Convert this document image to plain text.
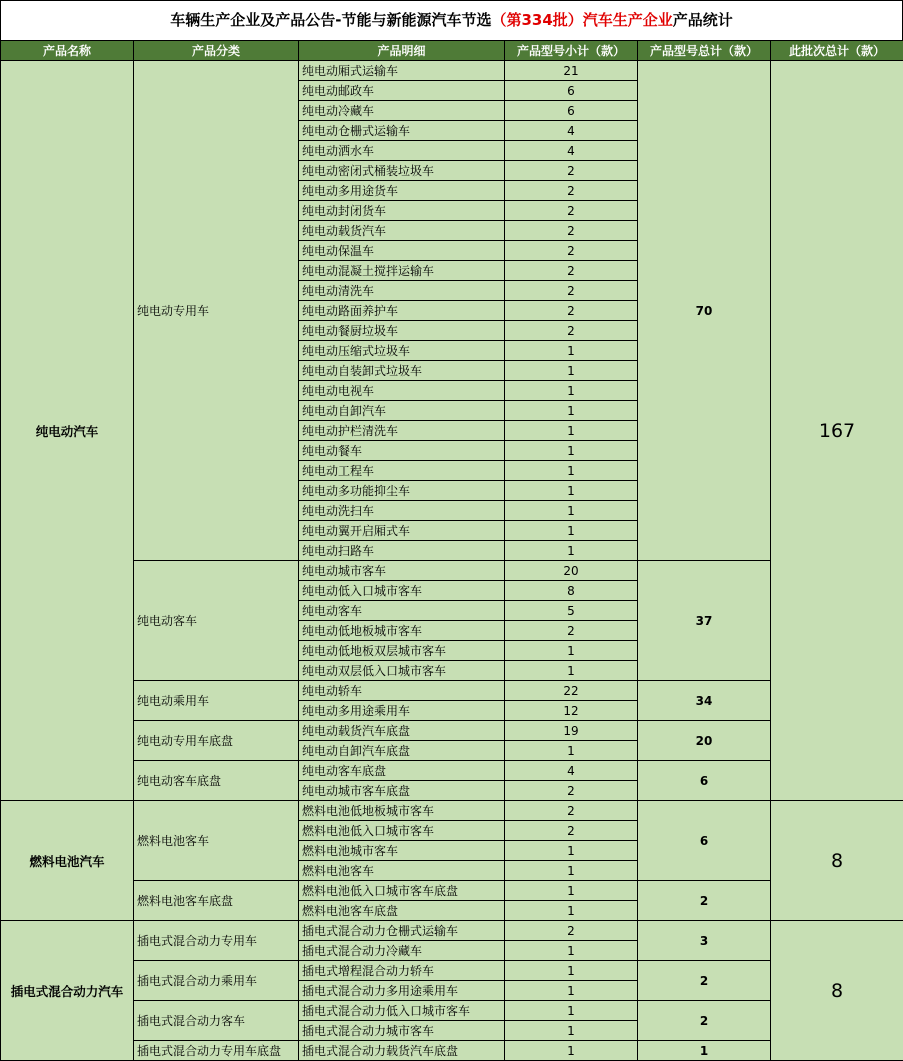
车辆生产企业及产品公告-节能与新能源汽车节选（第334批）汽车生产企业产品统计
产品名称	产品分类	产品明细	产品型号小计（款）	产品型号总计（款）	此批次总计（款）
纯电动汽车	纯电动专用车	纯电动厢式运输车	21	70	167
		纯电动邮政车	6		
		纯电动冷藏车	6		
		纯电动仓栅式运输车	4		
		纯电动洒水车	4		
		纯电动密闭式桶装垃圾车	2		
		纯电动多用途货车	2		
		纯电动封闭货车	2		
		纯电动载货汽车	2		
		纯电动保温车	2		
		纯电动混凝土搅拌运输车	2		
		纯电动清洗车	2		
		纯电动路面养护车	2		
		纯电动餐厨垃圾车	2		
		纯电动压缩式垃圾车	1		
		纯电动自装卸式垃圾车	1		
		纯电动电视车	1		
		纯电动自卸汽车	1		
		纯电动护栏清洗车	1		
		纯电动餐车	1		
		纯电动工程车	1		
		纯电动多功能抑尘车	1		
		纯电动洗扫车	1		
		纯电动翼开启厢式车	1		
		纯电动扫路车	1		
	纯电动客车	纯电动城市客车	20	37	
		纯电动低入口城市客车	8		
		纯电动客车	5		
		纯电动低地板城市客车	2		
		纯电动低地板双层城市客车	1		
		纯电动双层低入口城市客车	1		
	纯电动乘用车	纯电动轿车	22	34	
		纯电动多用途乘用车	12		
	纯电动专用车底盘	纯电动载货汽车底盘	19	20	
		纯电动自卸汽车底盘	1		
	纯电动客车底盘	纯电动客车底盘	4	6	
		纯电动城市客车底盘	2		
燃料电池汽车	燃料电池客车	燃料电池低地板城市客车	2	6	8
		燃料电池低入口城市客车	2		
		燃料电池城市客车	1		
		燃料电池客车	1		
	燃料电池客车底盘	燃料电池低入口城市客车底盘	1	2	
		燃料电池客车底盘	1		
插电式混合动力汽车	插电式混合动力专用车	插电式混合动力仓栅式运输车	2	3	8
		插电式混合动力冷藏车	1		
	插电式混合动力乘用车	插电式增程混合动力轿车	1	2	
		插电式混合动力多用途乘用车	1		
	插电式混合动力客车	插电式混合动力低入口城市客车	1	2	
		插电式混合动力城市客车	1		
	插电式混合动力专用车底盘	插电式混合动力载货汽车底盘	1	1	
